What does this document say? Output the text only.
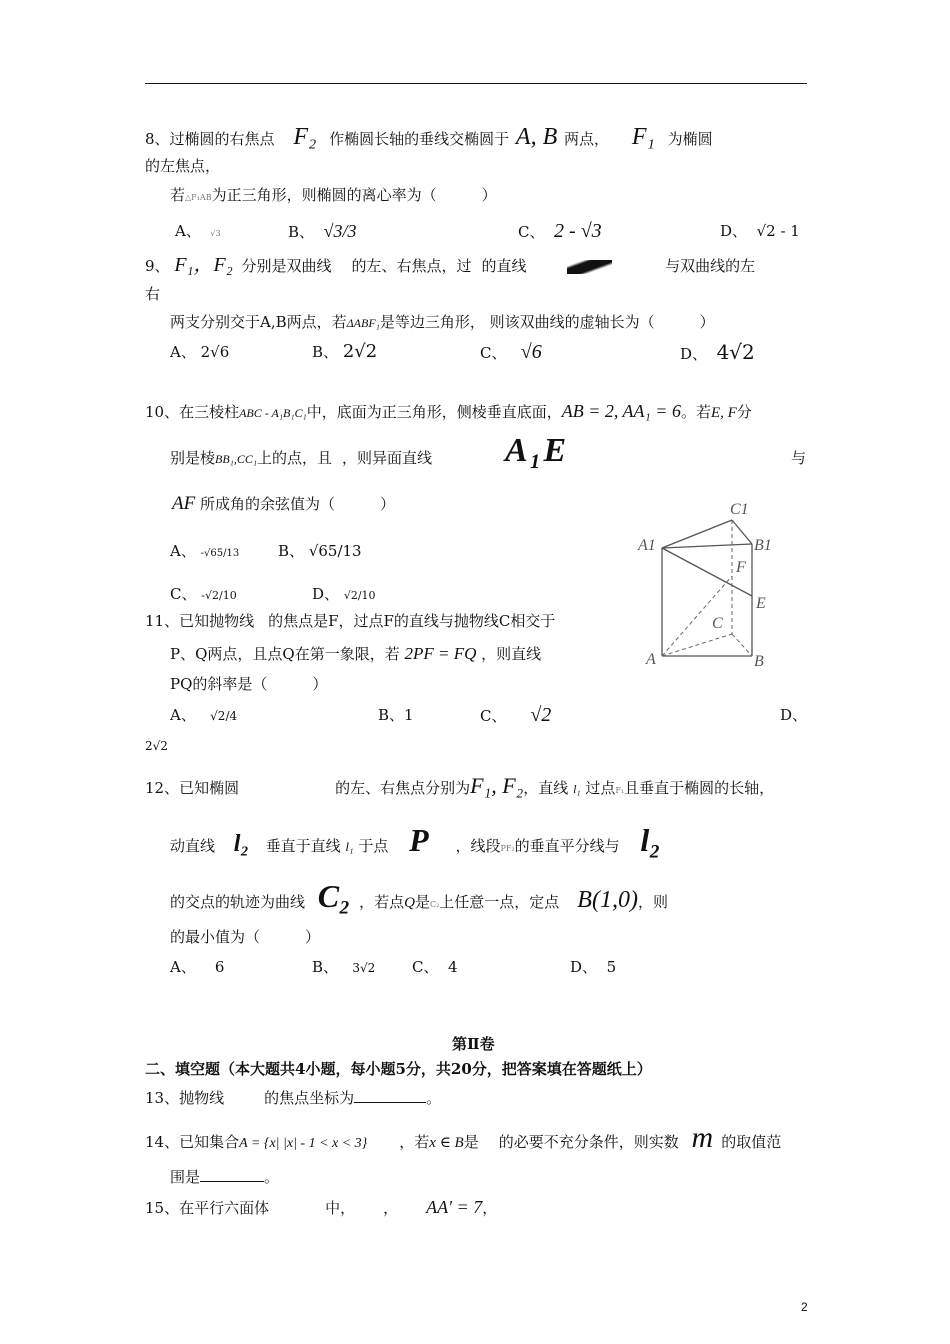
8、过椭圆的右焦点 F₂ 作椭圆长轴的垂线交椭圆于 A, B 两点， F₁ 为椭圆
的左焦点，
若△F₁AB为正三角形，则椭圆的离心率为（　　　）
A、 √3	B、 √3/3	C、 2 - √3	D、 √2 - 1
9、 F₁，F₂ 分别是双曲线 的左、右焦点，过 的直线	与双曲线的左
右
两支分别交于A,B两点，若ΔABF₁是等边三角形， 则该双曲线的虚轴长为（　　　）
A、 2√6	B、 2√2	C、 √6	D、 4√2
10、在三棱柱ABC - A₁B₁C₁中，底面为正三角形，侧棱垂直底面，AB = 2, AA₁ = 6。若E, F分
别是棱BB₁,CC₁上的点，且 ，则异面直线 A₁E	与
AF 所成角的余弦值为（　　　）
A、 -√65/13	B、 √65/13
C、 -√2/10	D、 √2/10
C1
A1	B1
F
E
C
A	B
11、已知抛物线 的焦点是F，过点F的直线与抛物线C相交于
P、Q两点，且点Q在第一象限，若 2PF = FQ ，则直线
PQ的斜率是（　　　）
A、 √2/4	B、1	C、 √2	D、
2√2
12、已知椭圆	的左、右焦点分别为F₁, F₂，直线 l₁ 过点F₁且垂直于椭圆的长轴，
动直线 l₂ 垂直于直线 l₁ 于点 P ，线段PF₂的垂直平分线与 l₂
的交点的轨迹为曲线 C₂ ，若点Q是C₂上任意一点，定点 B(1,0)，则
的最小值为（　　　）
A、 6	B、 3√2 C、 4	D、 5
第Ⅱ卷
二、填空题（本大题共4小题，每小题5分，共20分，把答案填在答题纸上）
13、抛物线	的焦点坐标为	。
14、已知集合A = {x| |x| - 1 < x < 3} ，若x ∈ B是 的必要不充分条件，则实数 m 的取值范
围是	。
15、在平行六面体	中， ， AA′ = 7，
2
